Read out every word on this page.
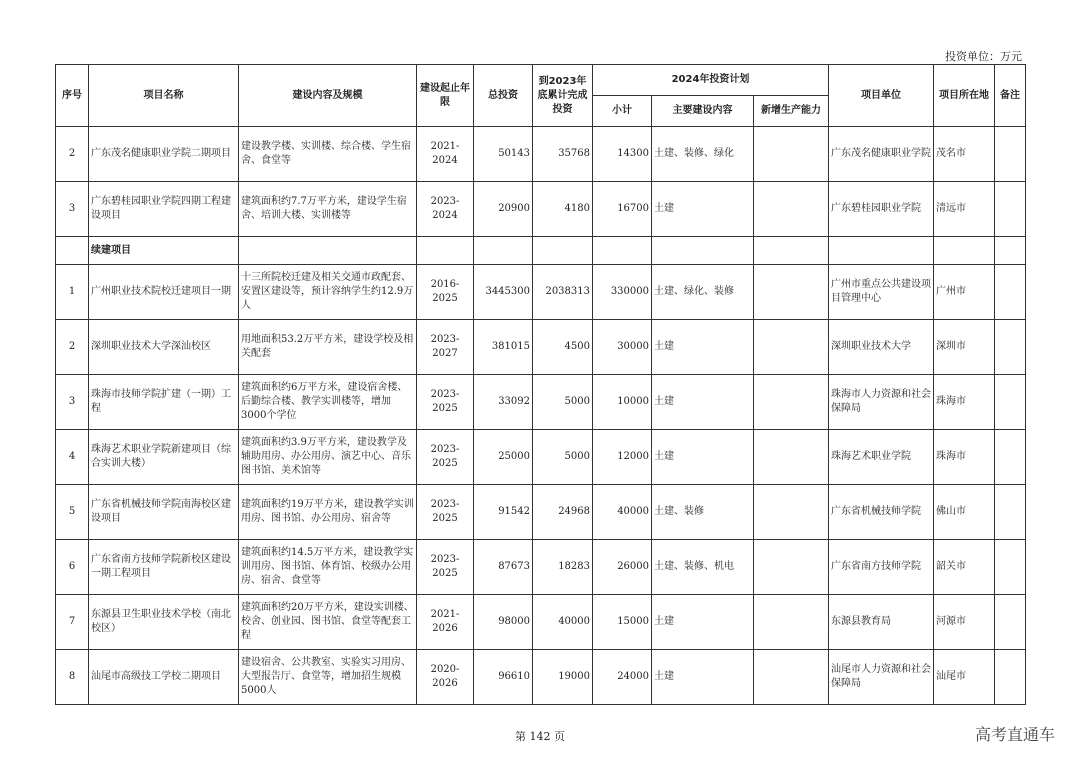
投资单位：万元
序号	项目名称	建设内容及规模	建设起止年限	总投资	到2023年底累计完成投资	2024年投资计划			项目单位	项目所在地	备注
						小计	主要建设内容	新增生产能力			
2	广东茂名健康职业学院二期项目	建设教学楼、实训楼、综合楼、学生宿舍、食堂等	2021-2024	50143	35768	14300	土建、装修、绿化		广东茂名健康职业学院	茂名市	
3	广东碧桂园职业学院四期工程建设项目	建筑面积约7.7万平方米，建设学生宿舍、培训大楼、实训楼等	2023-2024	20900	4180	16700	土建		广东碧桂园职业学院	清远市	
	续建项目										
1	广州职业技术院校迁建项目一期	十三所院校迁建及相关交通市政配套、安置区建设等，预计容纳学生约12.9万人	2016-2025	3445300	2038313	330000	土建、绿化、装修		广州市重点公共建设项目管理中心	广州市	
2	深圳职业技术大学深汕校区	用地面积53.2万平方米，建设学校及相关配套	2023-2027	381015	4500	30000	土建		深圳职业技术大学	深圳市	
3	珠海市技师学院扩建（一期）工程	建筑面积约6万平方米，建设宿舍楼、后勤综合楼、教学实训楼等，增加3000个学位	2023-2025	33092	5000	10000	土建		珠海市人力资源和社会保障局	珠海市	
4	珠海艺术职业学院新建项目（综合实训大楼）	建筑面积约3.9万平方米，建设教学及辅助用房、办公用房、演艺中心、音乐图书馆、美术馆等	2023-2025	25000	5000	12000	土建		珠海艺术职业学院	珠海市	
5	广东省机械技师学院南海校区建设项目	建筑面积约19万平方米，建设教学实训用房、图书馆、办公用房、宿舍等	2023-2025	91542	24968	40000	土建、装修		广东省机械技师学院	佛山市	
6	广东省南方技师学院新校区建设一期工程项目	建筑面积约14.5万平方米，建设教学实训用房、图书馆、体育馆、校级办公用房、宿舍、食堂等	2023-2025	87673	18283	26000	土建、装修、机电		广东省南方技师学院	韶关市	
7	东源县卫生职业技术学校（南北校区）	建筑面积约20万平方米，建设实训楼、校舍、创业园、图书馆、食堂等配套工程	2021-2026	98000	40000	15000	土建		东源县教育局	河源市	
8	汕尾市高级技工学校二期项目	建设宿舍、公共教室、实验实习用房、大型报告厅、食堂等，增加招生规模5000人	2020-2026	96610	19000	24000	土建		汕尾市人力资源和社会保障局	汕尾市	
第 142 页	高考直通车
